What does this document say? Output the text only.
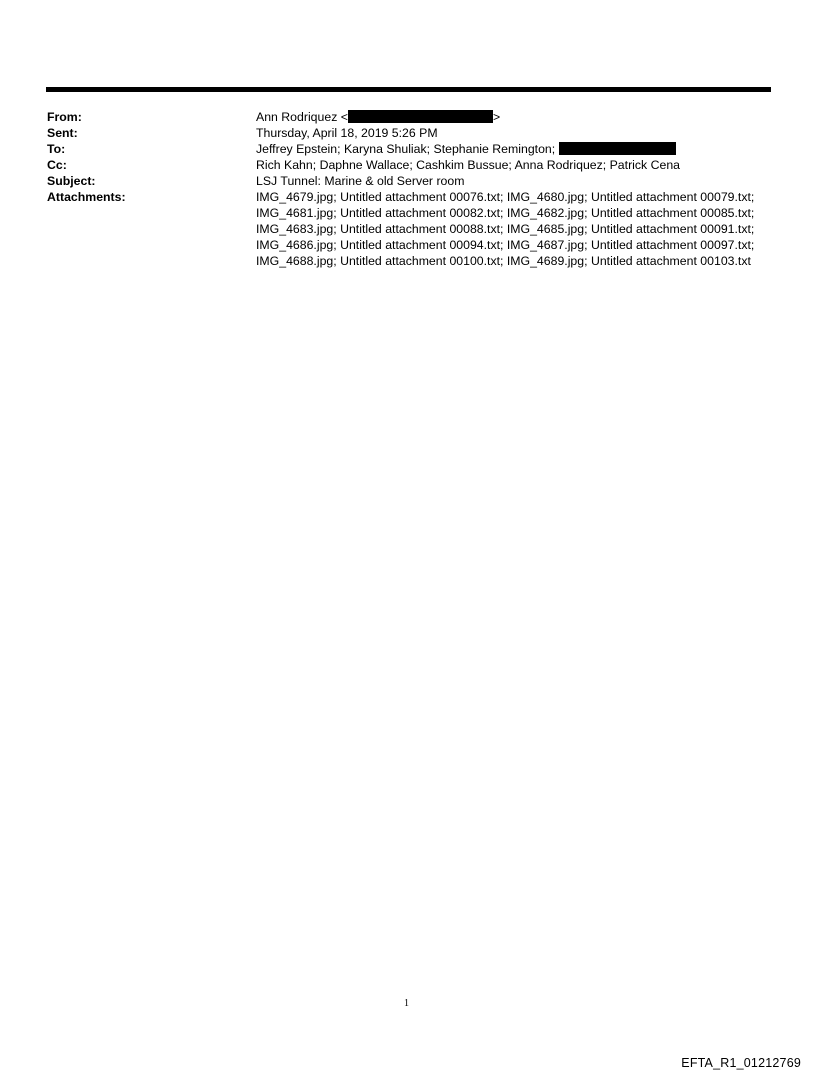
From:	Ann Rodriquez <	>
Sent:	Thursday, April 18, 2019 5:26 PM
To:	Jeffrey Epstein; Karyna Shuliak; Stephanie Remington;
Cc:	Rich Kahn; Daphne Wallace; Cashkim Bussue; Anna Rodriquez; Patrick Cena
Subject:	LSJ Tunnel: Marine & old Server room
Attachments:	IMG_4679.jpg; Untitled attachment 00076.txt; IMG_4680.jpg; Untitled attachment 00079.txt; IMG_4681.jpg; Untitled attachment 00082.txt; IMG_4682.jpg; Untitled attachment 00085.txt; IMG_4683.jpg; Untitled attachment 00088.txt; IMG_4685.jpg; Untitled attachment 00091.txt; IMG_4686.jpg; Untitled attachment 00094.txt; IMG_4687.jpg; Untitled attachment 00097.txt; IMG_4688.jpg; Untitled attachment 00100.txt; IMG_4689.jpg; Untitled attachment 00103.txt
1
EFTA_R1_01212769
